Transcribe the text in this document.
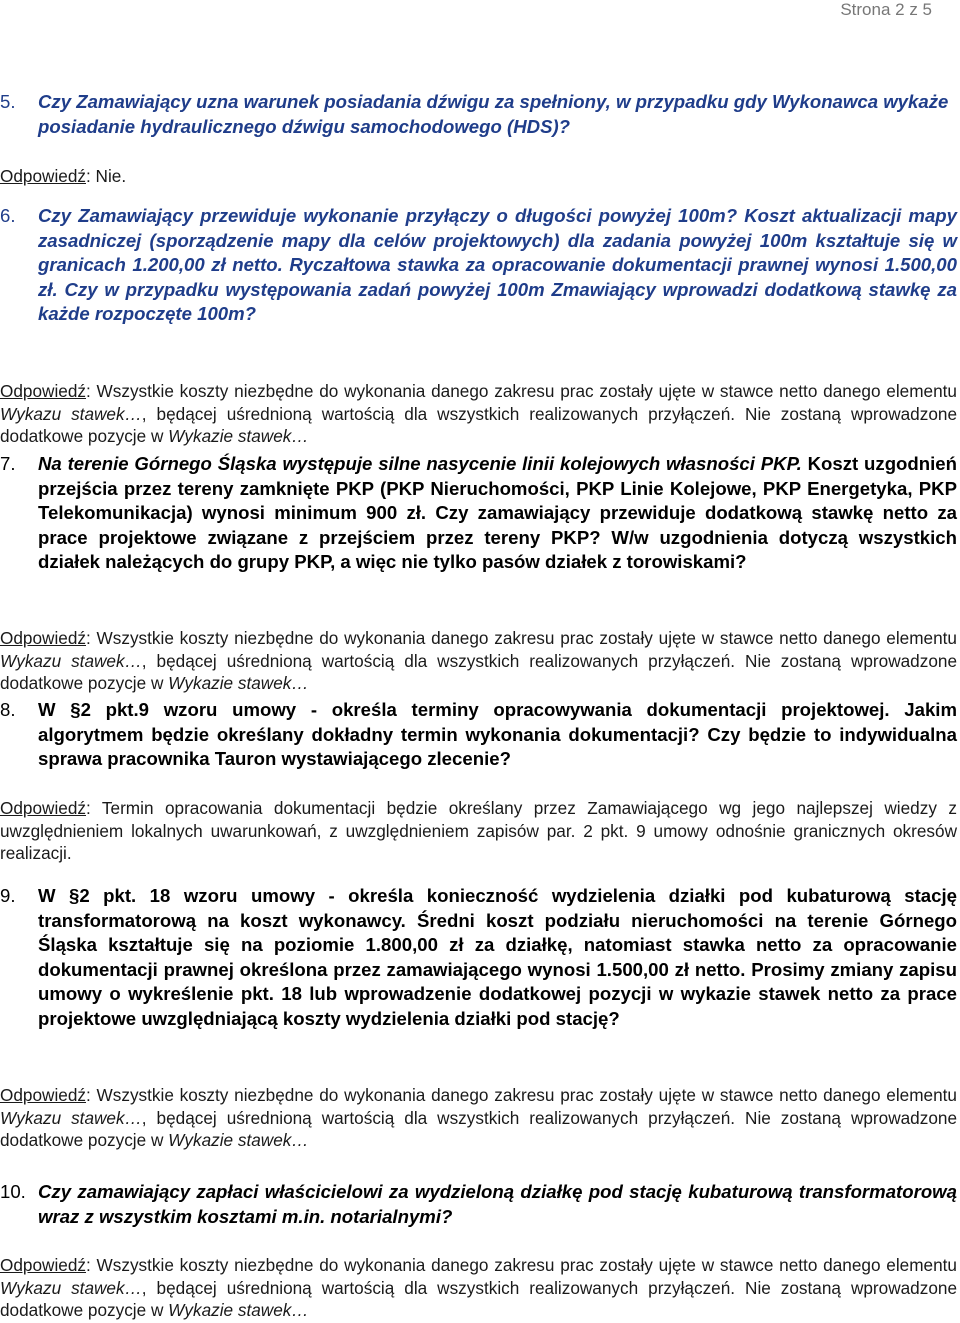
Strona 2 z 5
5. Czy Zamawiający uzna warunek posiadania dźwigu za spełniony, w przypadku gdy Wykonawca wykaże posiadanie hydraulicznego dźwigu samochodowego (HDS)?
Odpowiedź: Nie.
6. Czy Zamawiający przewiduje wykonanie przyłączy o długości powyżej 100m? Koszt aktualizacji mapy zasadniczej (sporządzenie mapy dla celów projektowych) dla zadania powyżej 100m kształtuje się w granicach 1.200,00 zł netto. Ryczałtowa stawka za opracowanie dokumentacji prawnej wynosi 1.500,00 zł. Czy w przypadku występowania zadań powyżej 100m Zmawiający wprowadzi dodatkową stawkę za każde rozpoczęte 100m?
Odpowiedź: Wszystkie koszty niezbędne do wykonania danego zakresu prac zostały ujęte w stawce netto danego elementu Wykazu stawek…, będącej uśrednioną wartością dla wszystkich realizowanych przyłączeń. Nie zostaną wprowadzone dodatkowe pozycje w Wykazie stawek…
7. Na terenie Górnego Śląska występuje silne nasycenie linii kolejowych własności PKP. Koszt uzgodnień przejścia przez tereny zamknięte PKP (PKP Nieruchomości, PKP Linie Kolejowe, PKP Energetyka, PKP Telekomunikacja) wynosi minimum 900 zł. Czy zamawiający przewiduje dodatkową stawkę netto za prace projektowe związane z przejściem przez tereny PKP? W/w uzgodnienia dotyczą wszystkich działek należących do grupy PKP, a więc nie tylko pasów działek z torowiskami?
Odpowiedź: Wszystkie koszty niezbędne do wykonania danego zakresu prac zostały ujęte w stawce netto danego elementu Wykazu stawek…, będącej uśrednioną wartością dla wszystkich realizowanych przyłączeń. Nie zostaną wprowadzone dodatkowe pozycje w Wykazie stawek…
8. W §2 pkt.9 wzoru umowy - określa terminy opracowywania dokumentacji projektowej. Jakim algorytmem będzie określany dokładny termin wykonania dokumentacji? Czy będzie to indywidualna sprawa pracownika Tauron wystawiającego zlecenie?
Odpowiedź: Termin opracowania dokumentacji będzie określany przez Zamawiającego wg jego najlepszej wiedzy z uwzględnieniem lokalnych uwarunkowań, z uwzględnieniem zapisów par. 2 pkt. 9 umowy odnośnie granicznych okresów realizacji.
9. W §2 pkt. 18 wzoru umowy - określa konieczność wydzielenia działki pod kubaturową stację transformatorową na koszt wykonawcy. Średni koszt podziału nieruchomości na terenie Górnego Śląska kształtuje się na poziomie 1.800,00 zł za działkę, natomiast stawka netto za opracowanie dokumentacji prawnej określona przez zamawiającego wynosi 1.500,00 zł netto. Prosimy zmiany zapisu umowy o wykreślenie pkt. 18 lub wprowadzenie dodatkowej pozycji w wykazie stawek netto za prace projektowe uwzględniającą koszty wydzielenia działki pod stację?
Odpowiedź: Wszystkie koszty niezbędne do wykonania danego zakresu prac zostały ujęte w stawce netto danego elementu Wykazu stawek…, będącej uśrednioną wartością dla wszystkich realizowanych przyłączeń. Nie zostaną wprowadzone dodatkowe pozycje w Wykazie stawek…
10. Czy zamawiający zapłaci właścicielowi za wydzieloną działkę pod stację kubaturową transformatorową wraz z wszystkim kosztami m.in. notarialnymi?
Odpowiedź: Wszystkie koszty niezbędne do wykonania danego zakresu prac zostały ujęte w stawce netto danego elementu Wykazu stawek…, będącej uśrednioną wartością dla wszystkich realizowanych przyłączeń. Nie zostaną wprowadzone dodatkowe pozycje w Wykazie stawek…
